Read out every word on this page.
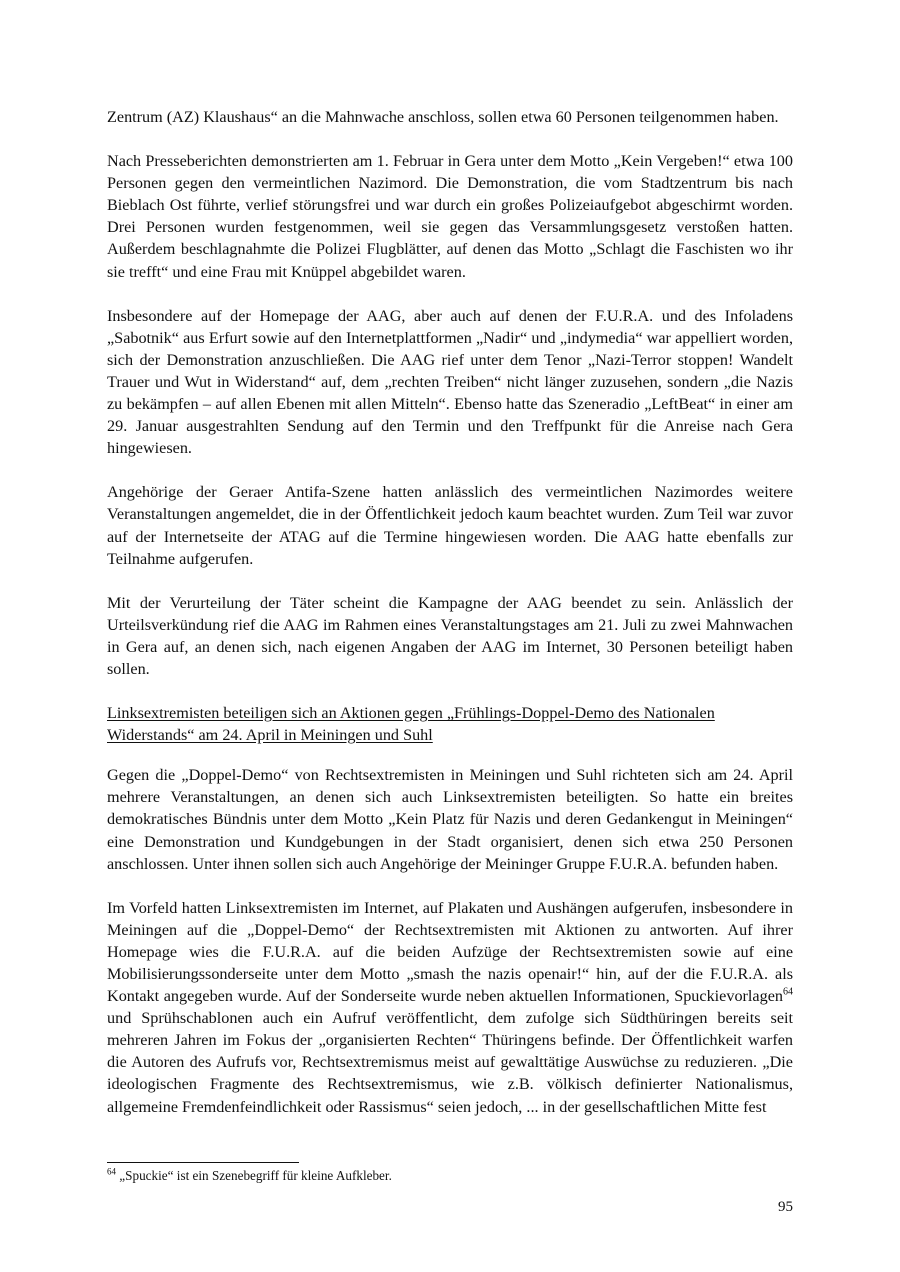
Zentrum (AZ) Klaushaus“ an die Mahnwache anschloss, sollen etwa 60 Personen teilgenommen haben.

Nach Presseberichten demonstrierten am 1. Februar in Gera unter dem Motto „Kein Vergeben!“ etwa 100 Personen gegen den vermeintlichen Nazimord. Die Demonstration, die vom Stadtzentrum bis nach Bieblach Ost führte, verlief störungsfrei und war durch ein großes Polizeiaufgebot abgeschirmt worden. Drei Personen wurden festgenommen, weil sie gegen das Versammlungsgesetz verstoßen hatten. Außerdem beschlagnahmte die Polizei Flugblätter, auf denen das Motto „Schlagt die Faschisten wo ihr sie trefft“ und eine Frau mit Knüppel abgebildet waren.

Insbesondere auf der Homepage der AAG, aber auch auf denen der F.U.R.A. und des Infoladens „Sabotnik“ aus Erfurt sowie auf den Internetplattformen „Nadir“ und „indymedia“ war appelliert worden, sich der Demonstration anzuschließen. Die AAG rief unter dem Tenor „Nazi-Terror stoppen! Wandelt Trauer und Wut in Widerstand“ auf, dem „rechten Treiben“ nicht länger zuzusehen, sondern „die Nazis zu bekämpfen – auf allen Ebenen mit allen Mitteln“. Ebenso hatte das Szeneradio „LeftBeat“ in einer am 29. Januar ausgestrahlten Sendung auf den Termin und den Treffpunkt für die Anreise nach Gera hingewiesen.

Angehörige der Geraer Antifa-Szene hatten anlässlich des vermeintlichen Nazimordes weitere Veranstaltungen angemeldet, die in der Öffentlichkeit jedoch kaum beachtet wurden. Zum Teil war zuvor auf der Internetseite der ATAG auf die Termine hingewiesen worden. Die AAG hatte ebenfalls zur Teilnahme aufgerufen.

Mit der Verurteilung der Täter scheint die Kampagne der AAG beendet zu sein. Anlässlich der Urteilsverkündung rief die AAG im Rahmen eines Veranstaltungstages am 21. Juli zu zwei Mahnwachen in Gera auf, an denen sich, nach eigenen Angaben der AAG im Internet, 30 Personen beteiligt haben sollen.

Linksextremisten beteiligen sich an Aktionen gegen „Frühlings-Doppel-Demo des Nationalen Widerstands“ am 24. April in Meiningen und Suhl

Gegen die „Doppel-Demo“ von Rechtsextremisten in Meiningen und Suhl richteten sich am 24. April mehrere Veranstaltungen, an denen sich auch Linksextremisten beteiligten. So hatte ein breites demokratisches Bündnis unter dem Motto „Kein Platz für Nazis und deren Gedankengut in Meiningen“ eine Demonstration und Kundgebungen in der Stadt organisiert, denen sich etwa 250 Personen anschlossen. Unter ihnen sollen sich auch Angehörige der Meininger Gruppe F.U.R.A. befunden haben.

Im Vorfeld hatten Linksextremisten im Internet, auf Plakaten und Aushängen aufgerufen, insbesondere in Meiningen auf die „Doppel-Demo“ der Rechtsextremisten mit Aktionen zu antworten. Auf ihrer Homepage wies die F.U.R.A. auf die beiden Aufzüge der Rechtsextremisten sowie auf eine Mobilisierungssonderseite unter dem Motto „smash the nazis openair!“ hin, auf der die F.U.R.A. als Kontakt angegeben wurde. Auf der Sonderseite wurde neben aktuellen Informationen, Spuckievorlagen$^{64}$ und Sprühschablonen auch ein Aufruf veröffentlicht, dem zufolge sich Südthüringen bereits seit mehreren Jahren im Fokus der „organisierten Rechten“ Thüringens befinde. Der Öffentlichkeit warfen die Autoren des Aufrufs vor, Rechtsextremismus meist auf gewalttätige Auswüchse zu reduzieren. „Die ideologischen Fragmente des Rechtsextremismus, wie z.B. völkisch definierter Nationalismus, allgemeine Fremdenfeindlichkeit oder Rassismus“ seien jedoch, ... in der gesellschaftlichen Mitte fest

$^{64}$ „Spuckie“ ist ein Szenebegriff für kleine Aufkleber.
95
